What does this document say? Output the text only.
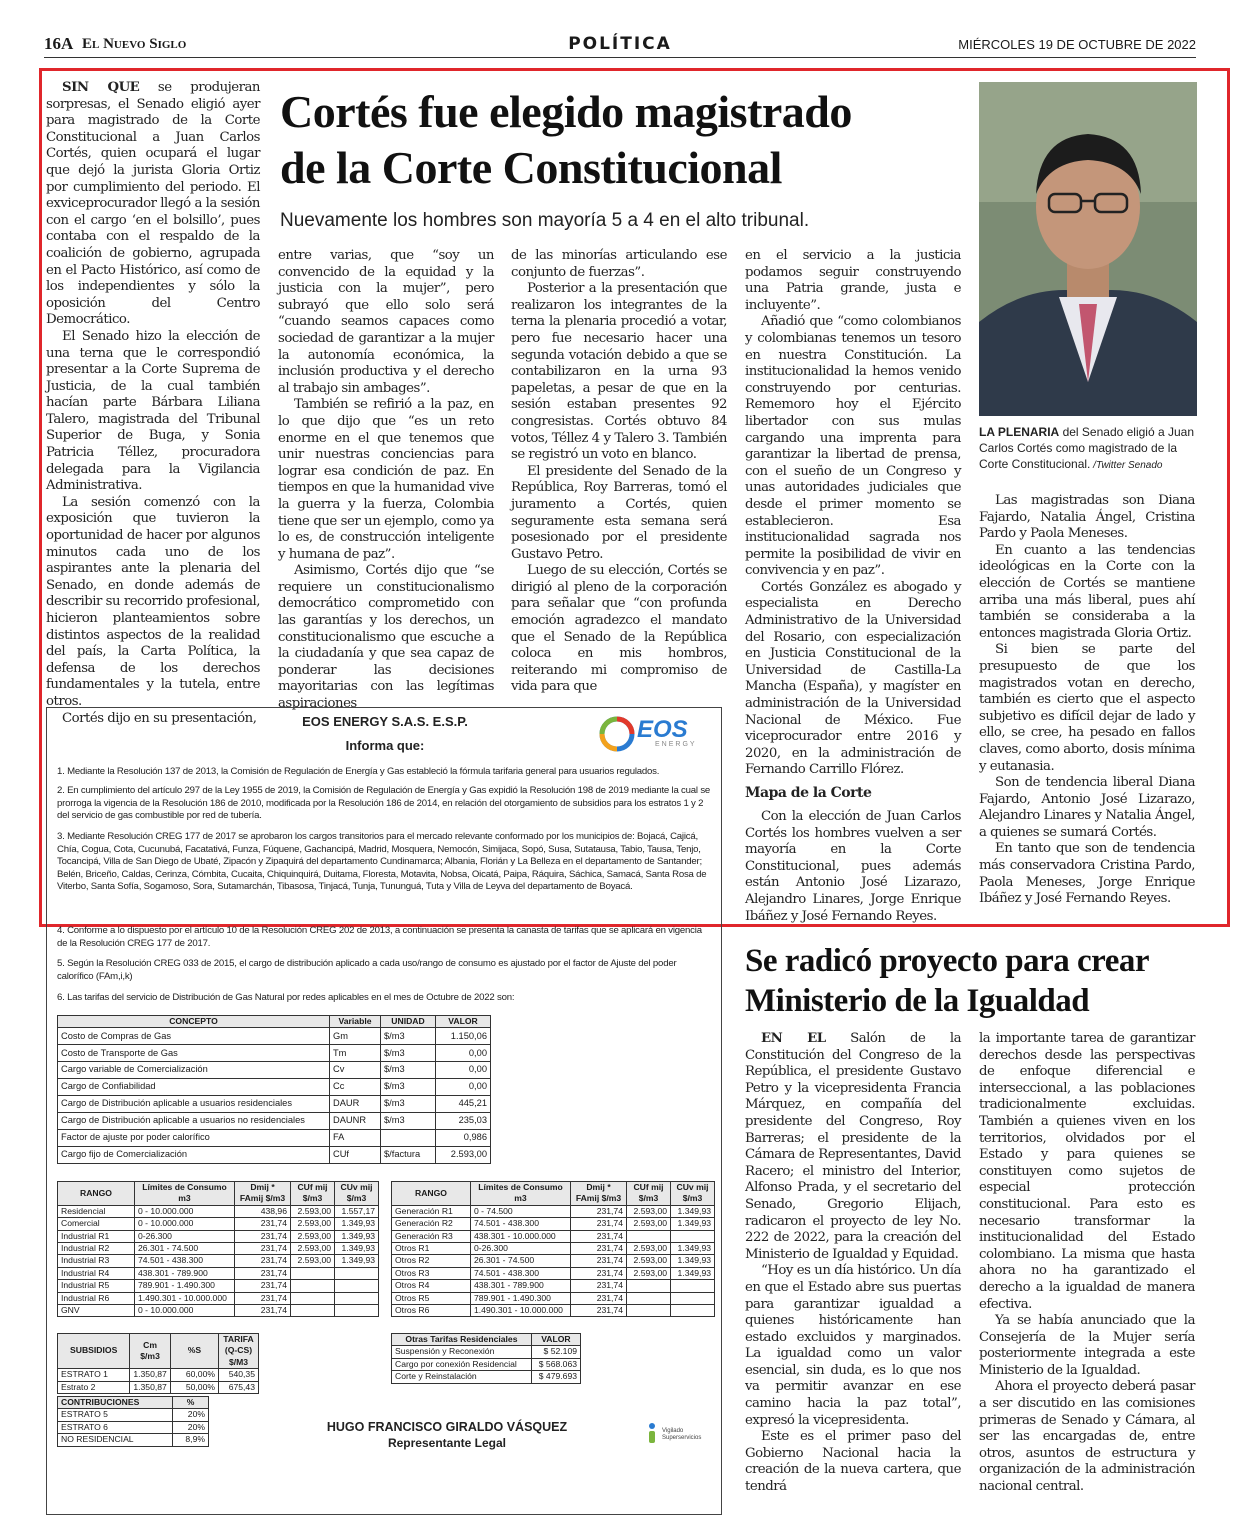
16A El Nuevo Siglo	POLÍTICA	MIÉRCOLES 19 DE OCTUBRE DE 2022
Cortés fue elegido magistrado
de la Corte Constitucional
Nuevamente los hombres son mayoría 5 a 4 en el alto tribunal.

SIN QUE se produjeran sorpresas, el Senado eligió ayer para magistrado de la Corte Constitucional a Juan Carlos Cortés, quien ocupará el lugar que dejó la jurista Gloria Ortiz por cumplimiento del periodo. El exviceprocurador llegó a la sesión con el cargo ‘en el bolsillo’, pues contaba con el respaldo de la coalición de gobierno, agrupada en el Pacto Histórico, así como de los independientes y sólo la oposición del Centro Democrático.

El Senado hizo la elección de una terna que le correspondió presentar a la Corte Suprema de Justicia, de la cual también hacían parte Bárbara Liliana Talero, magistrada del Tribunal Superior de Buga, y Sonia Patricia Téllez, procuradora delegada para la Vigilancia Administrativa.

La sesión comenzó con la exposición que tuvieron la oportunidad de hacer por algunos minutos cada uno de los aspirantes ante la plenaria del Senado, en donde además de describir su recorrido profesional, hicieron planteamientos sobre distintos aspectos de la realidad del país, la Carta Política, la defensa de los derechos fundamentales y la tutela, entre otros.

Cortés dijo en su presentación,

entre varias, que “soy un convencido de la equidad y la justicia con la mujer”, pero subrayó que ello solo será “cuando seamos capaces como sociedad de garantizar a la mujer la autonomía económica, la inclusión productiva y el derecho al trabajo sin ambages”.

También se refirió a la paz, en lo que dijo que “es un reto enorme en el que tenemos que unir nuestras conciencias para lograr esa condición de paz. En tiempos en que la humanidad vive la guerra y la fuerza, Colombia tiene que ser un ejemplo, como ya lo es, de construcción inteligente y humana de paz”.

Asimismo, Cortés dijo que “se requiere un constitucionalismo democrático comprometido con las garantías y los derechos, un constitucionalismo que escuche a la ciudadanía y que sea capaz de ponderar las decisiones mayoritarias con las legítimas aspiraciones

de las minorías articulando ese conjunto de fuerzas”.

Posterior a la presentación que realizaron los integrantes de la terna la plenaria procedió a votar, pero fue necesario hacer una segunda votación debido a que se contabilizaron en la urna 93 papeletas, a pesar de que en la sesión estaban presentes 92 congresistas. Cortés obtuvo 84 votos, Téllez 4 y Talero 3. También se registró un voto en blanco.

El presidente del Senado de la República, Roy Barreras, tomó el juramento a Cortés, quien seguramente esta semana será posesionado por el presidente Gustavo Petro.

Luego de su elección, Cortés se dirigió al pleno de la corporación para señalar que “con profunda emoción agradezco el mandato que el Senado de la República coloca en mis hombros, reiterando mi compromiso de vida para que

en el servicio a la justicia podamos seguir construyendo una Patria grande, justa e incluyente”.

Añadió que “como colombianos y colombianas tenemos un tesoro en nuestra Constitución. La institucionalidad la hemos venido construyendo por centurias. Rememoro hoy el Ejército libertador con sus mulas cargando una imprenta para garantizar la libertad de prensa, con el sueño de un Congreso y unas autoridades judiciales que desde el primer momento se establecieron. Esa institucionalidad sagrada nos permite la posibilidad de vivir en convivencia y en paz”.

Cortés González es abogado y especialista en Derecho Administrativo de la Universidad del Rosario, con especialización en Justicia Constitucional de la Universidad de Castilla-La Mancha (España), y magíster en administración de la Universidad Nacional de México. Fue viceprocurador entre 2016 y 2020, en la administración de Fernando Carrillo Flórez.

Mapa de la Corte

Con la elección de Juan Carlos Cortés los hombres vuelven a ser mayoría en la Corte Constitucional, pues además están Antonio José Lizarazo, Alejandro Linares, Jorge Enrique Ibáñez y José Fernando Reyes.

LA PLENARIA del Senado eligió a Juan Carlos Cortés como magistrado de la Corte Constitucional. /Twitter Senado

Las magistradas son Diana Fajardo, Natalia Ángel, Cristina Pardo y Paola Meneses.

En cuanto a las tendencias ideológicas en la Corte con la elección de Cortés se mantiene arriba una más liberal, pues ahí también se consideraba a la entonces magistrada Gloria Ortiz.

Si bien se parte del presupuesto de que los magistrados votan en derecho, también es cierto que el aspecto subjetivo es difícil dejar de lado y ello, se cree, ha pesado en fallos claves, como aborto, dosis mínima y eutanasia.

Son de tendencia liberal Diana Fajardo, Antonio José Lizarazo, Alejandro Linares y Natalia Ángel, a quienes se sumará Cortés.

En tanto que son de tendencia más conservadora Cristina Pardo, Paola Meneses, Jorge Enrique Ibáñez y José Fernando Reyes.

EOS ENERGY S.A.S. E.S.P.
Informa que:
EOS
ENERGY
1. Mediante la Resolución 137 de 2013, la Comisión de Regulación de Energía y Gas estableció la fórmula tarifaria general para usuarios regulados.
2. En cumplimiento del artículo 297 de la Ley 1955 de 2019, la Comisión de Regulación de Energía y Gas expidió la Resolución 198 de 2019 mediante la cual se prorroga la vigencia de la Resolución 186 de 2010, modificada por la Resolución 186 de 2014, en relación del otorgamiento de subsidios para los estratos 1 y 2 del servicio de gas combustible por red de tubería.
3. Mediante Resolución CREG 177 de 2017 se aprobaron los cargos transitorios para el mercado relevante conformado por los municipios de: Bojacá, Cajicá, Chía, Cogua, Cota, Cucunubá, Facatativá, Funza, Fúquene, Gachancipá, Madrid, Mosquera, Nemocón, Simijaca, Sopó, Susa, Sutatausa, Tabio, Tausa, Tenjo, Tocancipá, Villa de San Diego de Ubaté, Zipacón y Zipaquirá del departamento Cundinamarca; Albania, Florián y La Belleza en el departamento de Santander; Belén, Briceño, Caldas, Cerinza, Cómbita, Cucaita, Chiquinquirá, Duitama, Floresta, Motavita, Nobsa, Oicatá, Paipa, Ráquira, Sáchica, Samacá, Santa Rosa de Viterbo, Santa Sofía, Sogamoso, Sora, Sutamarchán, Tibasosa, Tinjacá, Tunja, Tununguá, Tuta y Villa de Leyva del departamento de Boyacá.
4. Conforme a lo dispuesto por el artículo 10 de la Resolución CREG 202 de 2013, a continuación se presenta la canasta de tarifas que se aplicará en vigencia de la Resolución CREG 177 de 2017.
5. Según la Resolución CREG 033 de 2015, el cargo de distribución aplicado a cada uso/rango de consumo es ajustado por el factor de Ajuste del poder calorífico (FAm,i,k)
6. Las tarifas del servicio de Distribución de Gas Natural por redes aplicables en el mes de Octubre de 2022 son:
CONCEPTO	Variable	UNIDAD	VALOR
Costo de Compras de Gas	Gm	$/m3	1.150,06
Costo de Transporte de Gas	Tm	$/m3	0,00
Cargo variable de Comercialización	Cv	$/m3	0,00
Cargo de Confiabilidad	Cc	$/m3	0,00
Cargo de Distribución aplicable a usuarios residenciales	DAUR	$/m3	445,21
Cargo de Distribución aplicable a usuarios no residenciales	DAUNR	$/m3	235,03
Factor de ajuste por poder calorífico	FA		0,986
Cargo fijo de Comercialización	CUf	$/factura	2.593,00
RANGO	Límites de Consumo m3	Dmij * FAmij $/m3	CUf mij $/m3	CUv mij $/m3
Residencial	0 - 10.000.000	438,96	2.593,00	1.557,17
Comercial	0 - 10.000.000	231,74	2.593,00	1.349,93
Industrial R1	0-26.300	231,74	2.593,00	1.349,93
Industrial R2	26.301 - 74.500	231,74	2.593,00	1.349,93
Industrial R3	74.501 - 438.300	231,74	2.593,00	1.349,93
Industrial R4	438.301 - 789.900	231,74		
Industrial R5	789.901 - 1.490.300	231,74		
Industrial R6	1.490.301 - 10.000.000	231,74		
GNV	0 - 10.000.000	231,74		
RANGO	Límites de Consumo m3	Dmij * FAmij $/m3	CUf mij $/m3	CUv mij $/m3
Generación R1	0 - 74.500	231,74	2.593,00	1.349,93
Generación R2	74.501 - 438.300	231,74	2.593,00	1.349,93
Generación R3	438.301 - 10.000.000	231,74		
Otros R1	0-26.300	231,74	2.593,00	1.349,93
Otros R2	26.301 - 74.500	231,74	2.593,00	1.349,93
Otros R3	74.501 - 438.300	231,74	2.593,00	1.349,93
Otros R4	438.301 - 789.900	231,74		
Otros R5	789.901 - 1.490.300	231,74		
Otros R6	1.490.301 - 10.000.000	231,74		
SUBSIDIOS	Cm $/m3	%S	TARIFA (Q-CS) $/M3
ESTRATO 1	1.350,87	60,00%	540,35
Estrato 2	1.350,87	50,00%	675,43
CONTRIBUCIONES	%
ESTRATO 5	20%
ESTRATO 6	20%
NO RESIDENCIAL	8,9%
Otras Tarifas Residenciales	VALOR
Suspensión y Reconexión	$ 52.109
Cargo por conexión Residencial	$ 568.063
Corte y Reinstalación	$ 479.693
HUGO FRANCISCO GIRALDO VÁSQUEZ
Representante Legal
Vigilado Superservicios
Se radicó proyecto para crear Ministerio de la Igualdad

EN EL Salón de la Constitución del Congreso de la República, el presidente Gustavo Petro y la vicepresidenta Francia Márquez, en compañía del presidente del Congreso, Roy Barreras; el presidente de la Cámara de Representantes, David Racero; el ministro del Interior, Alfonso Prada, y el secretario del Senado, Gregorio Elijach, radicaron el proyecto de ley No. 222 de 2022, para la creación del Ministerio de Igualdad y Equidad.

“Hoy es un día histórico. Un día en que el Estado abre sus puertas para garantizar igualdad a quienes históricamente han estado excluidos y marginados. La igualdad como un valor esencial, sin duda, es lo que nos va permitir avanzar en ese camino hacia la paz total”, expresó la vicepresidenta.

Este es el primer paso del Gobierno Nacional hacia la creación de la nueva cartera, que tendrá

la importante tarea de garantizar derechos desde las perspectivas de enfoque diferencial e interseccional, a las poblaciones tradicionalmente excluidas. También a quienes viven en los territorios, olvidados por el Estado y para quienes se constituyen como sujetos de especial protección constitucional. Para esto es necesario transformar la institucionalidad del Estado colombiano. La misma que hasta ahora no ha garantizado el derecho a la igualdad de manera efectiva.

Ya se había anunciado que la Consejería de la Mujer sería posteriormente integrada a este Ministerio de la Igualdad.

Ahora el proyecto deberá pasar a ser discutido en las comisiones primeras de Senado y Cámara, al ser las encargadas de, entre otros, asuntos de estructura y organización de la administración nacional central.
